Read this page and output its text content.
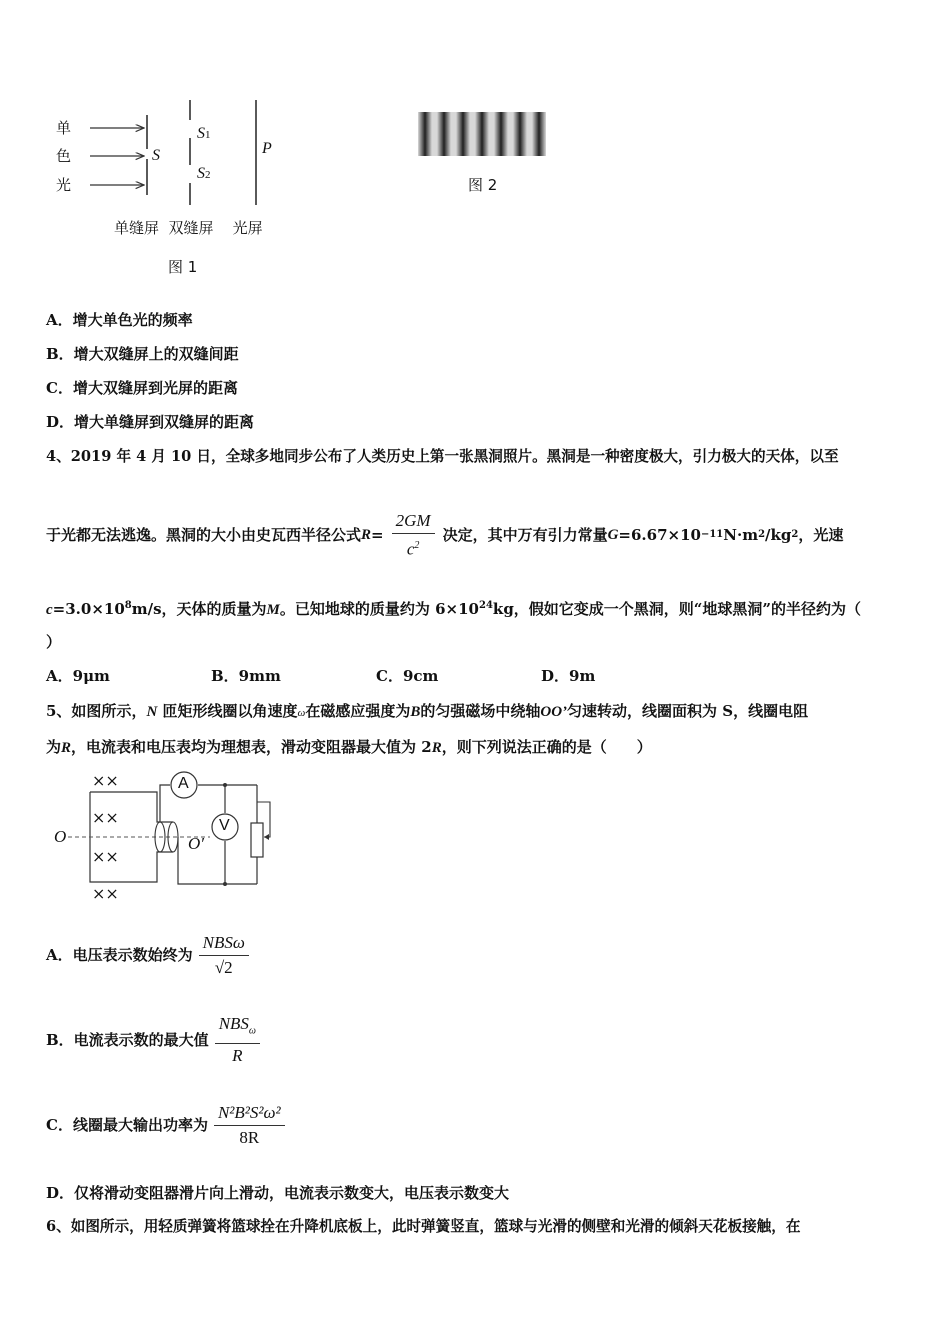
单
色
光
S
S1
S2
P
单缝屏  双缝屏    光屏
图 1
图 2
A．增大单色光的频率
B．增大双缝屏上的双缝间距
C．增大双缝屏到光屏的距离
D．增大单缝屏到双缝屏的距离
4、2019 年 4 月 10 日，全球多地同步公布了人类历史上第一张黑洞照片。黑洞是一种密度极大，引力极大的天体，以至
于光都无法逃逸。黑洞的大小由史瓦西半径公式 $R = \frac{2GM}{c^2}$ 决定，其中万有引力常量 G =6.67×10 −11 N·m 2 /kg 2 ，光速
$c=3.0\times 10^8m/s$，天体的质量为M。已知地球的质量约为 $6\times 10^{24}kg$，假如它变成一个黑洞，则“地球黑洞”的半径约为（
）
A．9μm	B．9mm	C．9cm	D．9m
5、如图所示，N 匝矩形线圈以角速度ω在磁感应强度为B的匀强磁场中绕轴OO’匀速转动，线圈面积为 S，线圈电阻
为R，电流表和电压表均为理想表，滑动变阻器最大值为 2R，则下列说法正确的是（　　）
××
××
××
××
O	O′
A
V
A．电压表示数始终为 $\frac{\text{NBSω}}{√2}$
B．电流表示数的最大值 $\frac{NBS_\omega}{R}$
C．线圈最大输出功率为 $\frac{\text{N²B²S²ω²}}{8R}$
D．仅将滑动变阻器滑片向上滑动，电流表示数变大，电压表示数变大
6、如图所示，用轻质弹簧将篮球拴在升降机底板上，此时弹簧竖直，篮球与光滑的侧壁和光滑的倾斜天花板接触，在
